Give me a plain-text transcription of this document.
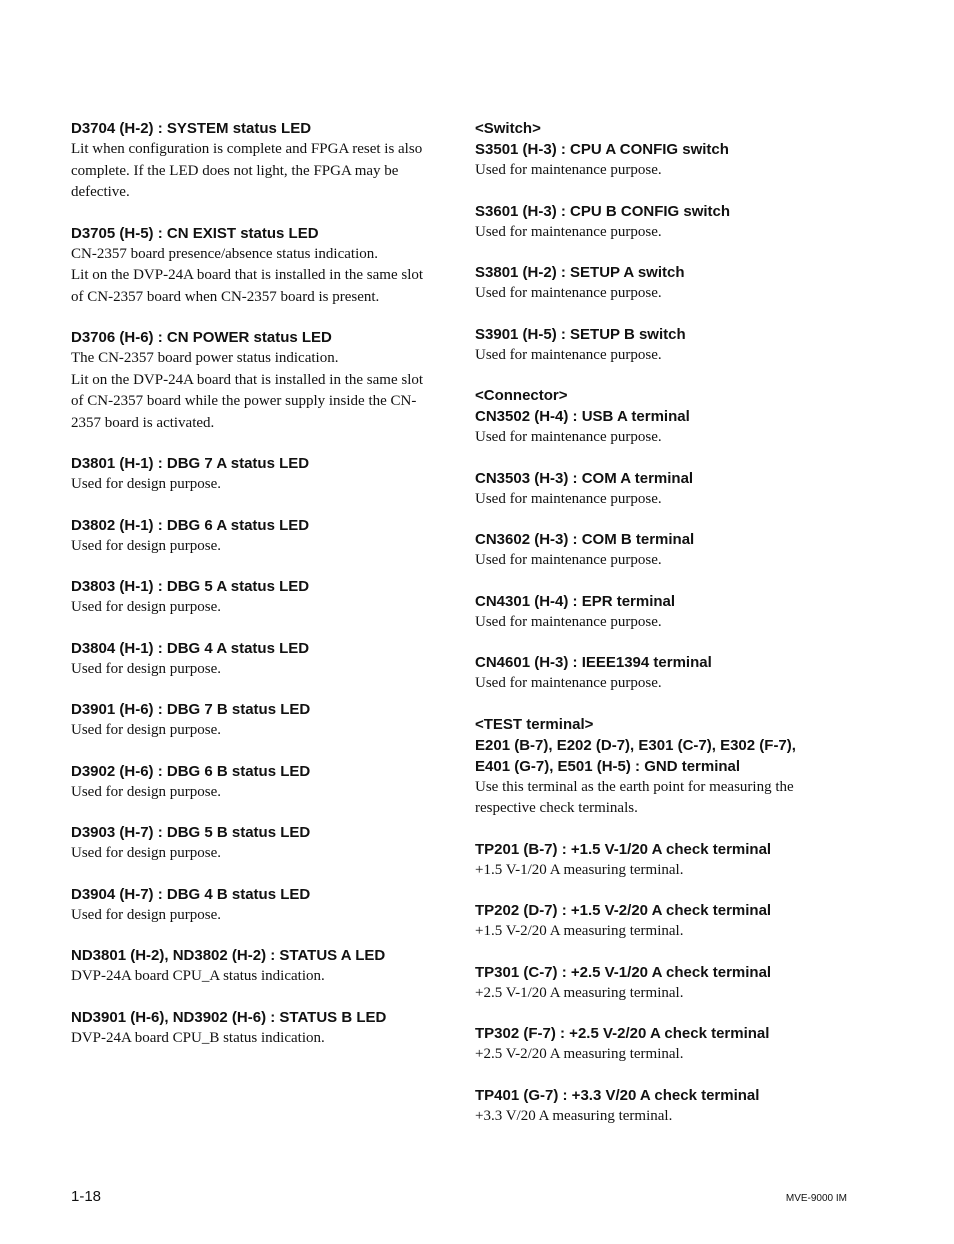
D3704 (H-2) : SYSTEM status LED
Lit when configuration is complete and FPGA reset is also
complete. If the LED does not light, the FPGA may be
defective.
D3705 (H-5) : CN EXIST status LED
CN-2357 board presence/absence status indication.
Lit on the DVP-24A board that is installed in the same slot
of CN-2357 board when CN-2357 board is present.
D3706 (H-6) : CN POWER status LED
The CN-2357 board power status indication.
Lit on the DVP-24A board that is installed in the same slot
of CN-2357 board while the power supply inside the CN-
2357 board is activated.
D3801 (H-1) : DBG 7 A status LED
Used for design purpose.
D3802 (H-1) : DBG 6 A status LED
Used for design purpose.
D3803 (H-1) : DBG 5 A status LED
Used for design purpose.
D3804 (H-1) : DBG 4 A status LED
Used for design purpose.
D3901 (H-6) : DBG 7 B status LED
Used for design purpose.
D3902 (H-6) : DBG 6 B status LED
Used for design purpose.
D3903 (H-7) : DBG 5 B status LED
Used for design purpose.
D3904 (H-7) : DBG 4 B status LED
Used for design purpose.
ND3801 (H-2), ND3802 (H-2) : STATUS A LED
DVP-24A board CPU_A status indication.
ND3901 (H-6), ND3902 (H-6) : STATUS B LED
DVP-24A board CPU_B status indication.
<Switch>
S3501 (H-3) : CPU A CONFIG switch
Used for maintenance purpose.
S3601 (H-3) : CPU B CONFIG switch
Used for maintenance purpose.
S3801 (H-2) : SETUP A switch
Used for maintenance purpose.
S3901 (H-5) : SETUP B switch
Used for maintenance purpose.
<Connector>
CN3502 (H-4) : USB A terminal
Used for maintenance purpose.
CN3503 (H-3) : COM A terminal
Used for maintenance purpose.
CN3602 (H-3) : COM B terminal
Used for maintenance purpose.
CN4301 (H-4) : EPR terminal
Used for maintenance purpose.
CN4601 (H-3) : IEEE1394 terminal
Used for maintenance purpose.
<TEST terminal>
E201 (B-7), E202 (D-7), E301 (C-7), E302 (F-7),
E401 (G-7), E501 (H-5) : GND terminal
Use this terminal as the earth point for measuring the
respective check terminals.
TP201 (B-7) : +1.5 V-1/20 A check terminal
+1.5 V-1/20 A measuring terminal.
TP202 (D-7) : +1.5 V-2/20 A check terminal
+1.5 V-2/20 A measuring terminal.
TP301 (C-7) : +2.5 V-1/20 A check terminal
+2.5 V-1/20 A measuring terminal.
TP302 (F-7) : +2.5 V-2/20 A check terminal
+2.5 V-2/20 A measuring terminal.
TP401 (G-7) : +3.3 V/20 A check terminal
+3.3 V/20 A measuring terminal.
1-18	MVE-9000 IM
